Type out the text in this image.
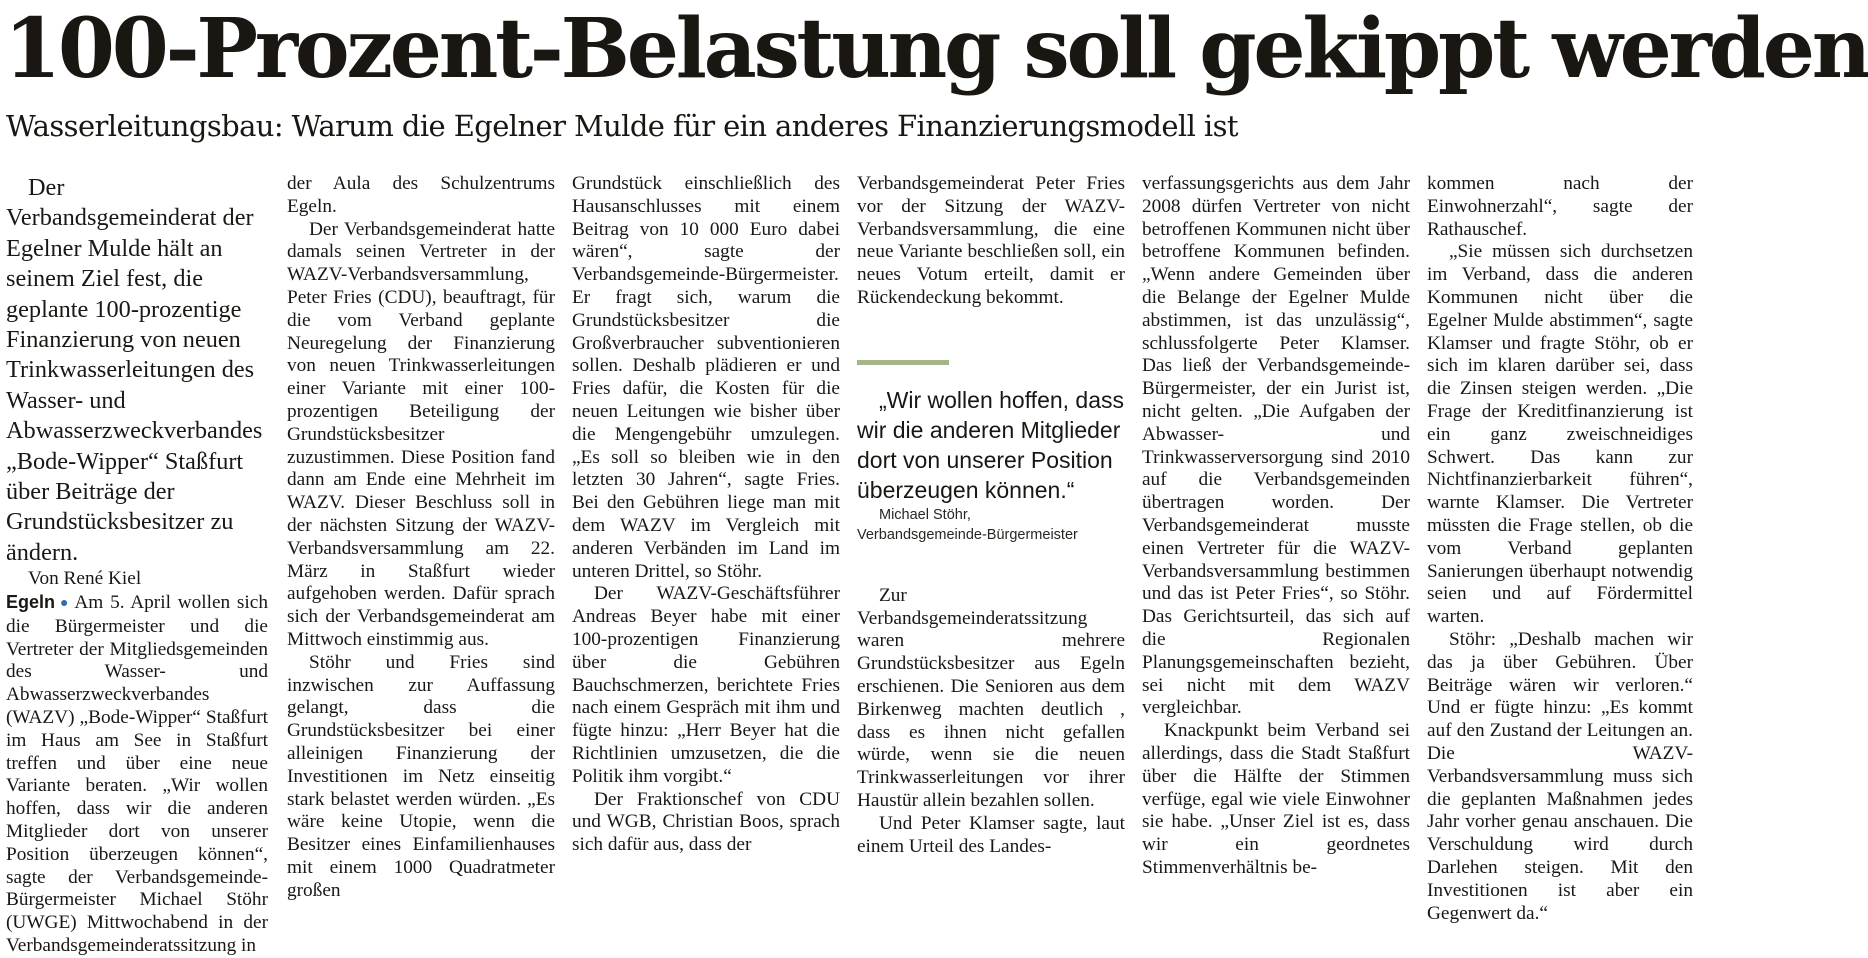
100-Prozent-Belastung soll gekippt werden
Wasserleitungsbau: Warum die Egelner Mulde für ein anderes Finanzierungsmodell ist

Der Verbandsgemeinderat der Egelner Mulde hält an seinem Ziel fest, die geplante 100-prozentige Finanzierung von neuen Trinkwasserleitungen des Wasser- und Abwasserzweckverbandes „Bode-Wipper“ Staßfurt über Beiträge der Grundstücksbesitzer zu ändern.

Von René Kiel

Egeln ● Am 5. April wollen sich die Bürgermeister und die Vertreter der Mitgliedsgemeinden des Wasser- und Abwasserzweckverbandes (WAZV) „Bode-Wipper“ Staßfurt im Haus am See in Staßfurt treffen und über eine neue Variante beraten. „Wir wollen hoffen, dass wir die anderen Mitglieder dort von unserer Position überzeugen können“, sagte der Verbandsgemeinde-Bürgermeister Michael Stöhr (UWGE) Mittwochabend in der Verbandsgemeinderatssitzung in

der Aula des Schulzentrums Egeln.

Der Verbandsgemeinderat hatte damals seinen Vertreter in der WAZV-Verbandsversammlung, Peter Fries (CDU), beauftragt, für die vom Verband geplante Neuregelung der Finanzierung von neuen Trinkwasserleitungen einer Variante mit einer 100-prozentigen Beteiligung der Grundstücksbesitzer zuzustimmen. Diese Position fand dann am Ende eine Mehrheit im WAZV. Dieser Beschluss soll in der nächsten Sitzung der WAZV-Verbandsversammlung am 22. März in Staßfurt wieder aufgehoben werden. Dafür sprach sich der Verbandsgemeinderat am Mittwoch einstimmig aus.

Stöhr und Fries sind inzwischen zur Auffassung gelangt, dass die Grundstücksbesitzer bei einer alleinigen Finanzierung der Investitionen im Netz einseitig stark belastet werden würden. „Es wäre keine Utopie, wenn die Besitzer eines Einfamilienhauses mit einem 1000 Quadratmeter großen

Grundstück einschließlich des Hausanschlusses mit einem Beitrag von 10 000 Euro dabei wären“, sagte der Verbandsgemeinde-Bürgermeister. Er fragt sich, warum die Grundstücksbesitzer die Großverbraucher subventionieren sollen. Deshalb plädieren er und Fries dafür, die Kosten für die neuen Leitungen wie bisher über die Mengengebühr umzulegen. „Es soll so bleiben wie in den letzten 30 Jahren“, sagte Fries. Bei den Gebühren liege man mit dem WAZV im Vergleich mit anderen Verbänden im Land im unteren Drittel, so Stöhr.

Der WAZV-Geschäftsführer Andreas Beyer habe mit einer 100-prozentigen Finanzierung über die Gebühren Bauchschmerzen, berichtete Fries nach einem Gespräch mit ihm und fügte hinzu: „Herr Beyer hat die Richtlinien umzusetzen, die die Politik ihm vorgibt.“

Der Fraktionschef von CDU und WGB, Christian Boos, sprach sich dafür aus, dass der

Verbandsgemeinderat Peter Fries vor der Sitzung der WAZV-Verbandsversammlung, die eine neue Variante beschließen soll, ein neues Votum erteilt, damit er Rückendeckung bekommt.

„Wir wollen hoffen, dass wir die anderen Mitglieder dort von unserer Position überzeugen können.“

Michael Stöhr,
Verbandsgemeinde-Bürgermeister

Zur Verbandsgemeinderatssitzung waren mehrere Grundstücksbesitzer aus Egeln erschienen. Die Senioren aus dem Birkenweg machten deutlich , dass es ihnen nicht gefallen würde, wenn sie die neuen Trinkwasserleitungen vor ihrer Haustür allein bezahlen sollen.

Und Peter Klamser sagte, laut einem Urteil des Landes-

verfassungsgerichts aus dem Jahr 2008 dürfen Vertreter von nicht betroffenen Kommunen nicht über betroffene Kommunen befinden. „Wenn andere Gemeinden über die Belange der Egelner Mulde abstimmen, ist das unzulässig“, schlussfolgerte Peter Klamser. Das ließ der Verbandsgemeinde-Bürgermeister, der ein Jurist ist, nicht gelten. „Die Aufgaben der Abwasser- und Trinkwasserversorgung sind 2010 auf die Verbandsgemeinden übertragen worden. Der Verbandsgemeinderat musste einen Vertreter für die WAZV-Verbandsversammlung bestimmen und das ist Peter Fries“, so Stöhr. Das Gerichtsurteil, das sich auf die Regionalen Planungsgemeinschaften bezieht, sei nicht mit dem WAZV vergleichbar.

Knackpunkt beim Verband sei allerdings, dass die Stadt Staßfurt über die Hälfte der Stimmen verfüge, egal wie viele Einwohner sie habe. „Unser Ziel ist es, dass wir ein geordnetes Stimmenverhältnis be-

kommen nach der Einwohnerzahl“, sagte der Rathauschef.

„Sie müssen sich durchsetzen im Verband, dass die anderen Kommunen nicht über die Egelner Mulde abstimmen“, sagte Klamser und fragte Stöhr, ob er sich im klaren darüber sei, dass die Zinsen steigen werden. „Die Frage der Kreditfinanzierung ist ein ganz zweischneidiges Schwert. Das kann zur Nichtfinanzierbarkeit führen“, warnte Klamser. Die Vertreter müssten die Frage stellen, ob die vom Verband geplanten Sanierungen überhaupt notwendig seien und auf Fördermittel warten.

Stöhr: „Deshalb machen wir das ja über Gebühren. Über Beiträge wären wir verloren.“ Und er fügte hinzu: „Es kommt auf den Zustand der Leitungen an. Die WAZV-Verbandsversammlung muss sich die geplanten Maßnahmen jedes Jahr vorher genau anschauen. Die Verschuldung wird durch Darlehen steigen. Mit den Investitionen ist aber ein Gegenwert da.“
